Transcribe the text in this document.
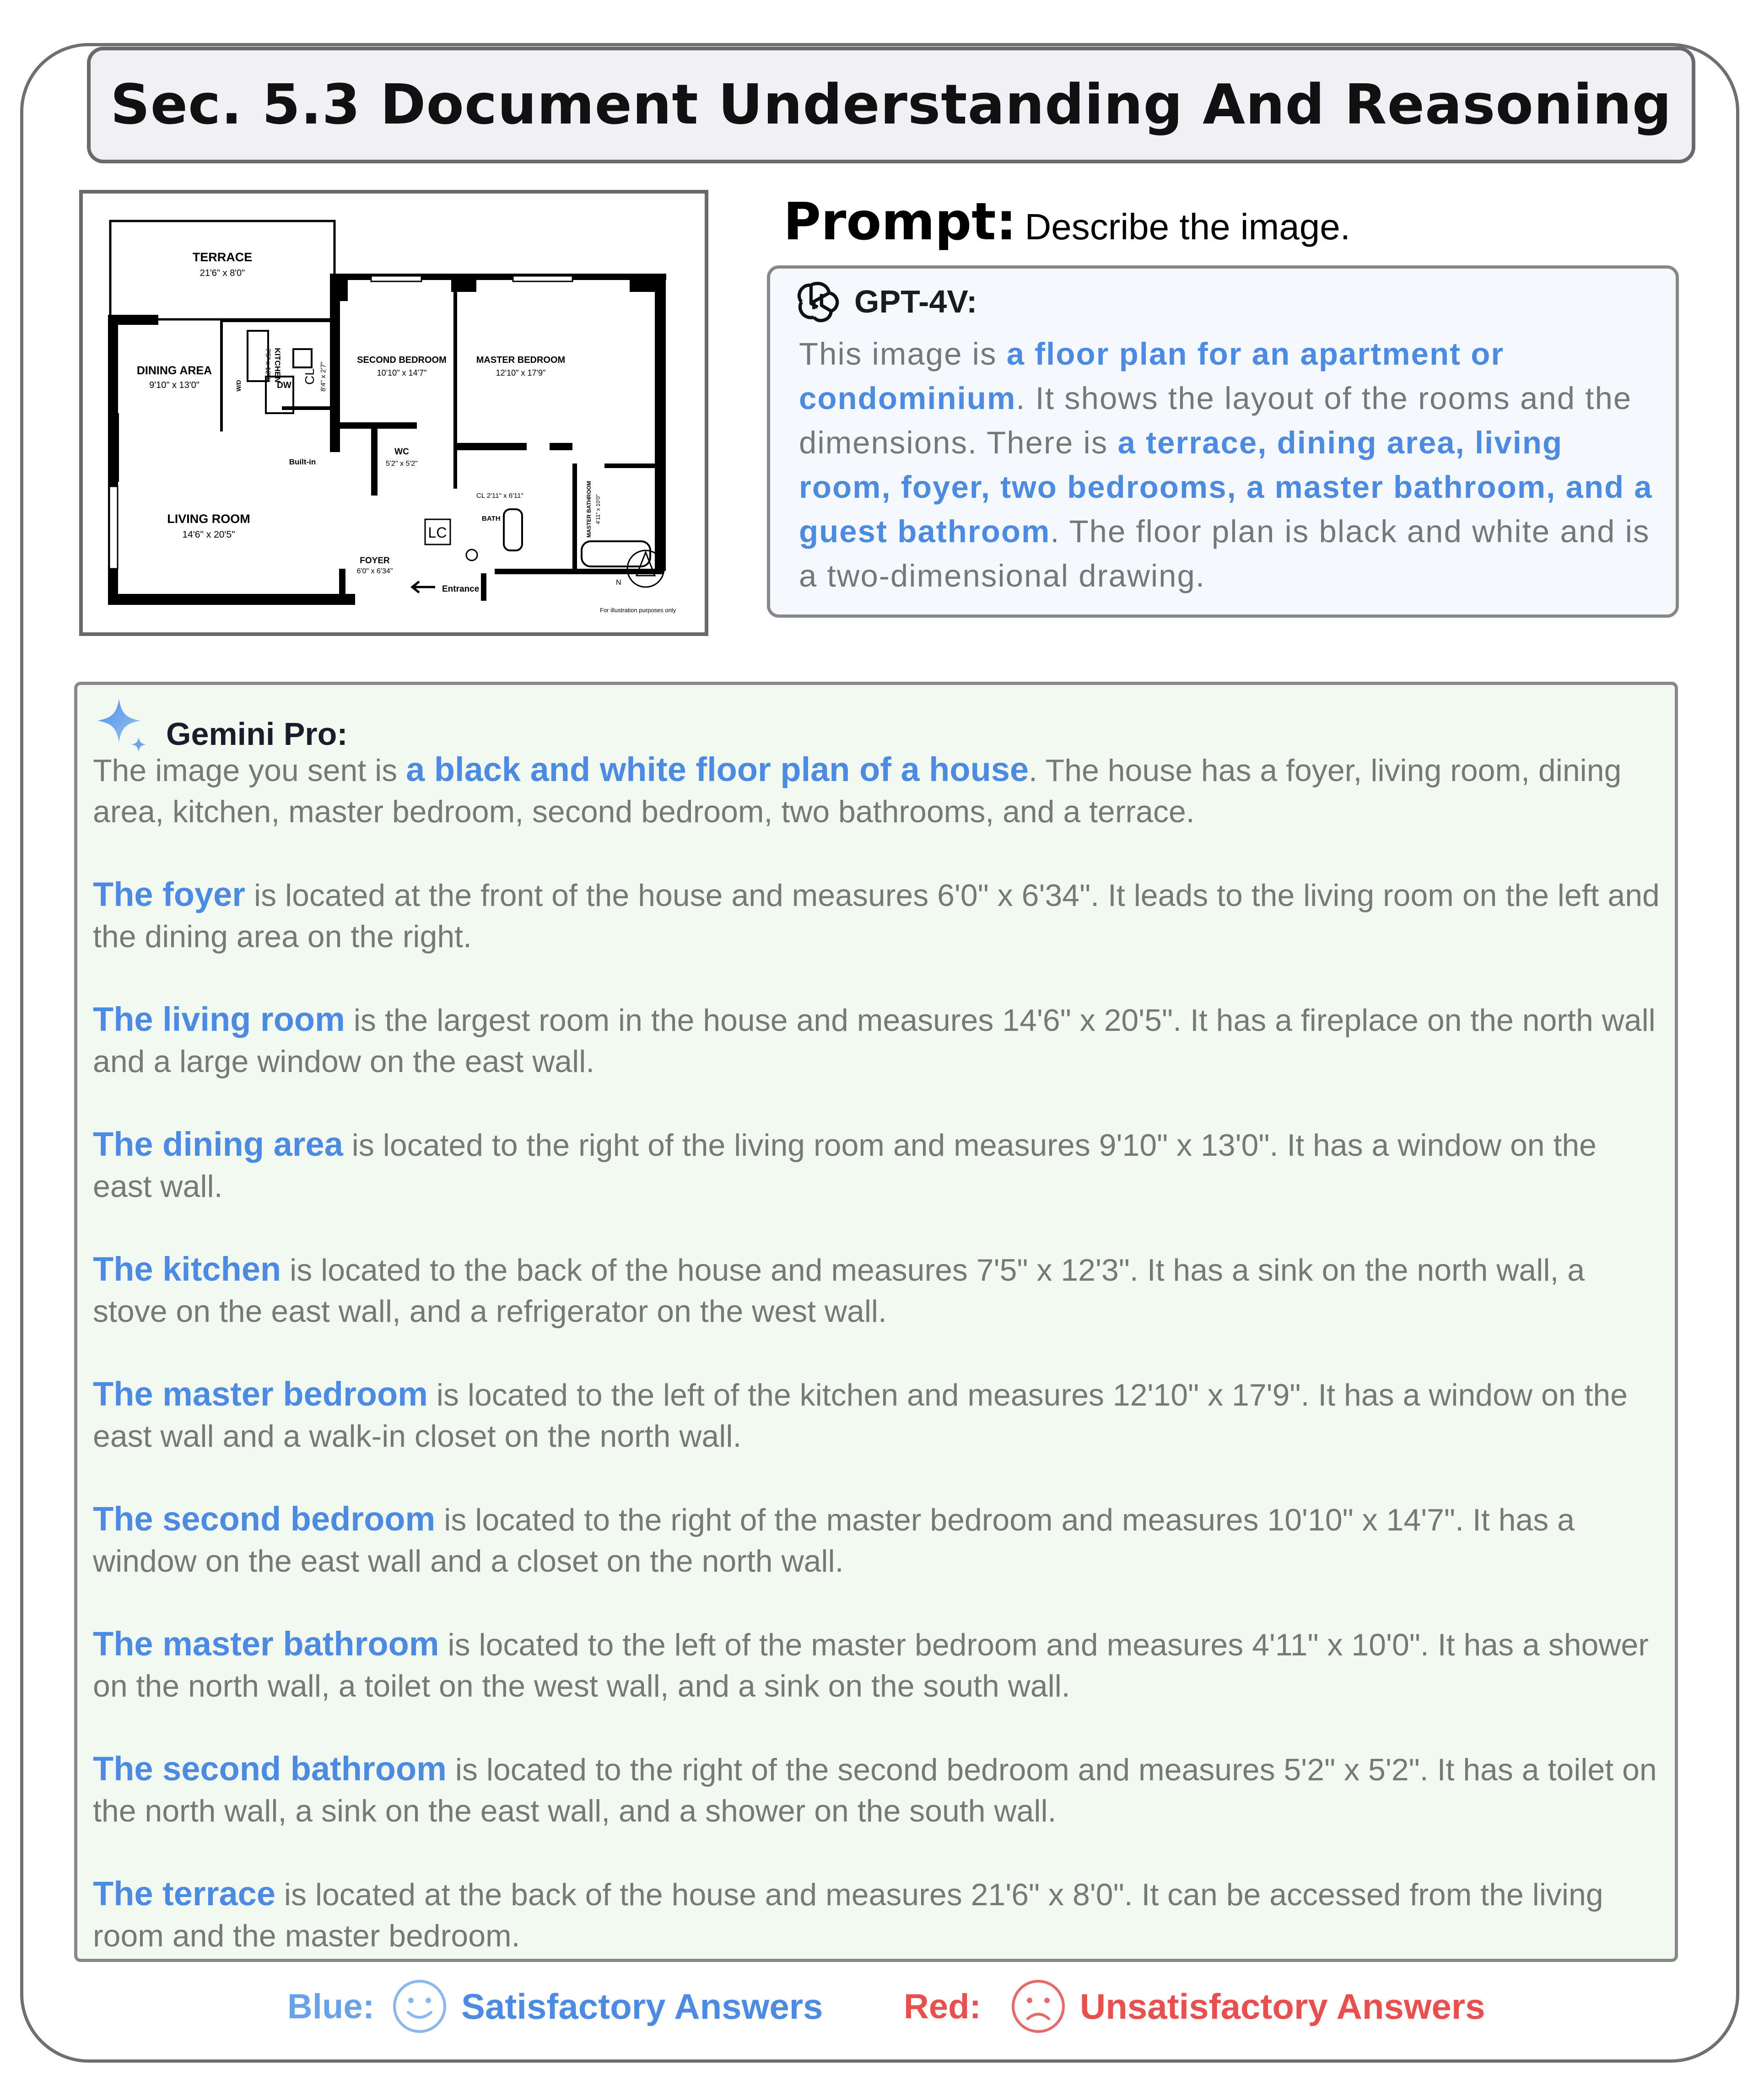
Sec. 5.3 Document Understanding And Reasoning
TERRACE
21'6" x 8'0"
DINING AREA
9'10" x 13'0"
KITCHEN
7'5" x 12'3"	SECOND BEDROOM
10'10" x 14'7"
MASTER BEDROOM
12'10" x 17'9"
WC
5'2" x 5'2"
LIVING ROOM
14'6" x 20'5"
FOYER
6'0" x 6'34"
MASTER BATHROOM 4'11" x 10'0"
CL 8'4" x 2'7"
CL 2'11" x 6'11"
DW
W/D
Built-in
BATH
LC
Entrance
N
For illustration purposes only
Prompt: Describe the image.
GPT-4V:
This image is a floor plan for an apartment or condominium. It shows the layout of the rooms and the dimensions. There is a terrace, dining area, living room, foyer, two bedrooms, a master bathroom, and a guest bathroom. The floor plan is black and white and is a two-dimensional drawing.
Gemini Pro:

The image you sent is a black and white floor plan of a house. The house has a foyer, living room, dining area, kitchen, master bedroom, second bedroom, two bathrooms, and a terrace.

The foyer is located at the front of the house and measures 6'0" x 6'34". It leads to the living room on the left and the dining area on the right.

The living room is the largest room in the house and measures 14'6" x 20'5". It has a fireplace on the north wall and a large window on the east wall.

The dining area is located to the right of the living room and measures 9'10" x 13'0". It has a window on the east wall.

The kitchen is located to the back of the house and measures 7'5" x 12'3". It has a sink on the north wall, a stove on the east wall, and a refrigerator on the west wall.

The master bedroom is located to the left of the kitchen and measures 12'10" x 17'9". It has a window on the east wall and a walk-in closet on the north wall.

The second bedroom is located to the right of the master bedroom and measures 10'10" x 14'7". It has a window on the east wall and a closet on the north wall.

The master bathroom is located to the left of the master bedroom and measures 4'11" x 10'0". It has a shower on the north wall, a toilet on the west wall, and a sink on the south wall.

The second bathroom is located to the right of the second bedroom and measures 5'2" x 5'2". It has a toilet on the north wall, a sink on the east wall, and a shower on the south wall.

The terrace is located at the back of the house and measures 21'6" x 8'0". It can be accessed from the living room and the master bedroom.

Blue: Satisfactory Answers Red:	Unsatisfactory Answers
